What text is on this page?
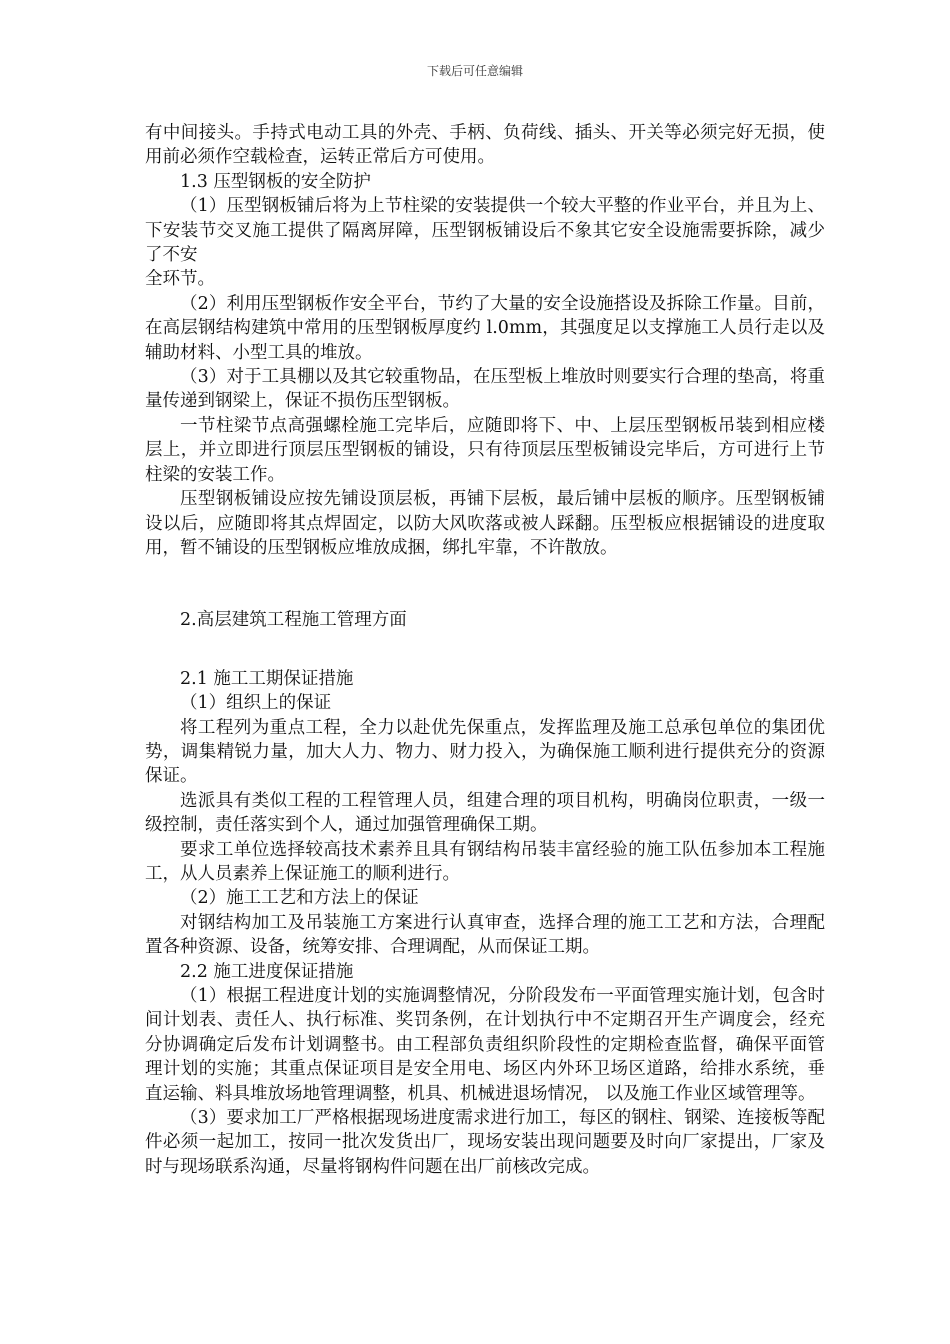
下载后可任意编辑

有中间接头。手持式电动工具的外壳、手柄、负荷线、插头、开关等必须完好无损，使用前必须作空载检查，运转正常后方可使用。

1.3 压型钢板的安全防护

（1）压型钢板铺后将为上节柱梁的安装提供一个较大平整的作业平台，并且为上、下安装节交叉施工提供了隔离屏障，压型钢板铺设后不象其它安全设施需要拆除，减少了不安

全环节。

（2）利用压型钢板作安全平台，节约了大量的安全设施搭设及拆除工作量。目前，在高层钢结构建筑中常用的压型钢板厚度约 l.0mm，其强度足以支撑施工人员行走以及辅助材料、小型工具的堆放。

（3）对于工具棚以及其它较重物品，在压型板上堆放时则要实行合理的垫高，将重量传递到钢梁上，保证不损伤压型钢板。

一节柱梁节点高强螺栓施工完毕后，应随即将下、中、上层压型钢板吊装到相应楼层上，并立即进行顶层压型钢板的铺设，只有待顶层压型板铺设完毕后，方可进行上节柱梁的安装工作。

压型钢板铺设应按先铺设顶层板，再铺下层板，最后铺中层板的顺序。压型钢板铺设以后，应随即将其点焊固定，以防大风吹落或被人踩翻。压型板应根据铺设的进度取用，暂不铺设的压型钢板应堆放成捆，绑扎牢靠，不许散放。

2.高层建筑工程施工管理方面

2.1 施工工期保证措施

（1）组织上的保证

将工程列为重点工程，全力以赴优先保重点，发挥监理及施工总承包单位的集团优势，调集精锐力量，加大人力、物力、财力投入，为确保施工顺利进行提供充分的资源保证。

选派具有类似工程的工程管理人员，组建合理的项目机构，明确岗位职责，一级一级控制，责任落实到个人，通过加强管理确保工期。

要求工单位选择较高技术素养且具有钢结构吊装丰富经验的施工队伍参加本工程施工，从人员素养上保证施工的顺利进行。

（2）施工工艺和方法上的保证

对钢结构加工及吊装施工方案进行认真审查，选择合理的施工工艺和方法，合理配置各种资源、设备，统筹安排、合理调配，从而保证工期。

2.2 施工进度保证措施

（1）根据工程进度计划的实施调整情况，分阶段发布一平面管理实施计划，包含时间计划表、责任人、执行标准、奖罚条例，在计划执行中不定期召开生产调度会，经充分协调确定后发布计划调整书。由工程部负责组织阶段性的定期检查监督，确保平面管理计划的实施；其重点保证项目是安全用电、场区内外环卫场区道路，给排水系统，垂直运输、料具堆放场地管理调整，机具、机械进退场情况， 以及施工作业区域管理等。

（3）要求加工厂严格根据现场进度需求进行加工，每区的钢柱、钢梁、连接板等配件必须一起加工，按同一批次发货出厂，现场安装出现问题要及时向厂家提出，厂家及时与现场联系沟通，尽量将钢构件问题在出厂前核改完成。
